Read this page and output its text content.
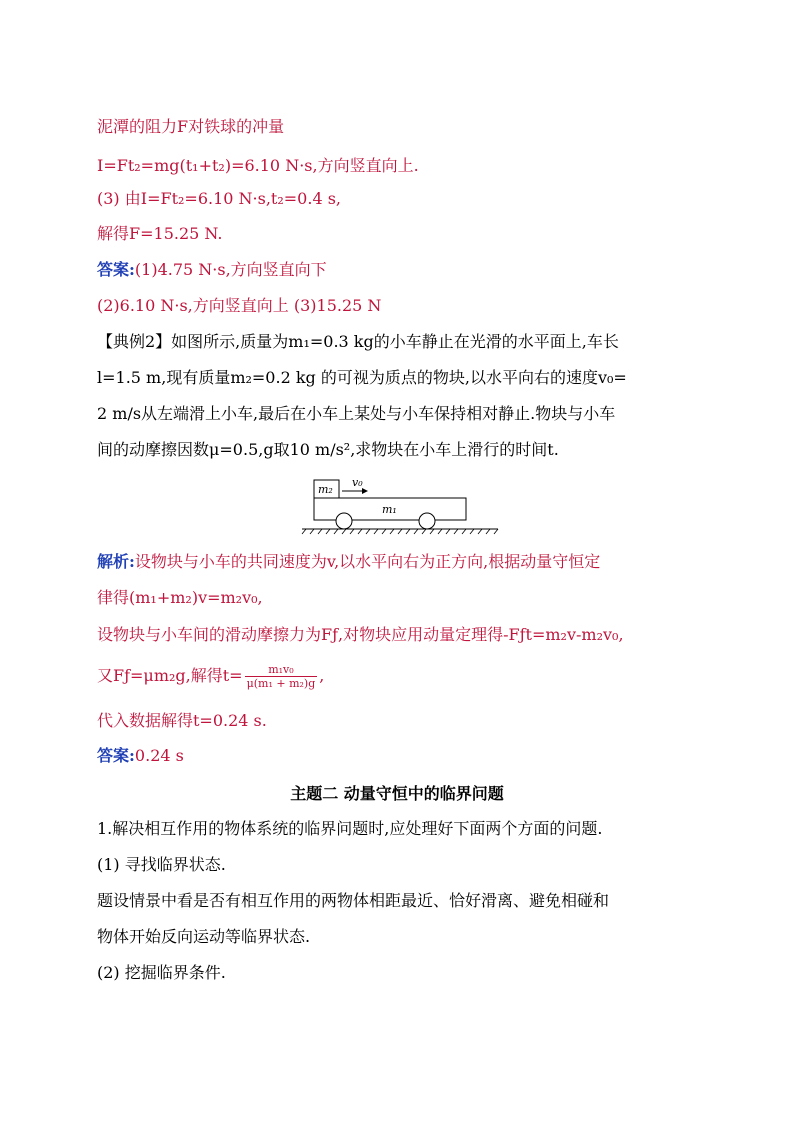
泥潭的阻力F对铁球的冲量
I=Ft₂=mg(t₁+t₂)=6.10 N·s,方向竖直向上.
(3) 由I=Ft₂=6.10 N·s,t₂=0.4 s,
解得F=15.25 N.
答案:(1)4.75 N·s,方向竖直向下
(2)6.10 N·s,方向竖直向上 (3)15.25 N
【典例2】如图所示,质量为m₁=0.3 kg的小车静止在光滑的水平面上,车长
l=1.5 m,现有质量m₂=0.2 kg 的可视为质点的物块,以水平向右的速度v₀=
2 m/s从左端滑上小车,最后在小车上某处与小车保持相对静止.物块与小车
间的动摩擦因数μ=0.5,g取10 m/s²,求物块在小车上滑行的时间t.
m₂
v₀
m₁
解析:设物块与小车的共同速度为v,以水平向右为正方向,根据动量守恒定
律得(m₁+m₂)v=m₂v₀,
设物块与小车间的滑动摩擦力为Fƒ,对物块应用动量定理得-Fƒt=m₂v-m₂v₀,
又Fƒ=μm₂g,解得$t= \frac{\text{m₁v₀}}{\text{μ(m₁ + m₂)g}}$ ,
代入数据解得t=0.24 s.
答案:0.24 s
主题二 动量守恒中的临界问题
1.解决相互作用的物体系统的临界问题时,应处理好下面两个方面的问题.
(1) 寻找临界状态.
题设情景中看是否有相互作用的两物体相距最近、恰好滑离、避免相碰和
物体开始反向运动等临界状态.
(2) 挖掘临界条件.
